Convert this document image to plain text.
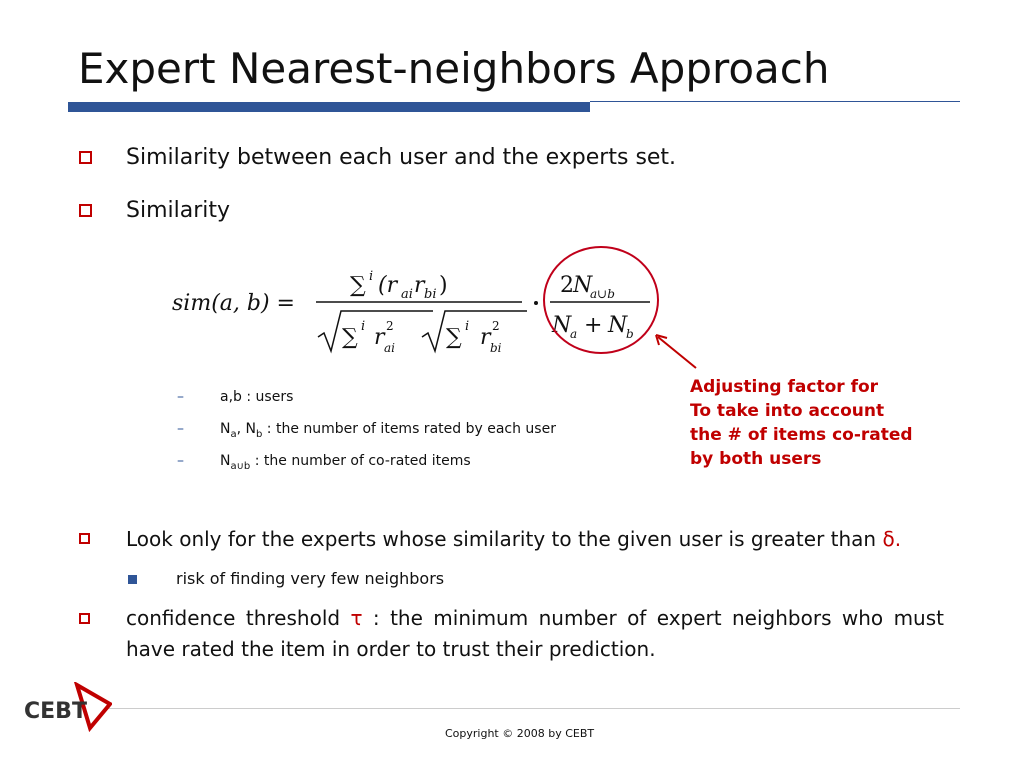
Expert Nearest-neighbors Approach
Similarity between each user and the experts set.
Similarity
sim(a, b) =
∑ i (r ai r bi )
∑ i r 2
ai ∑ i r 2
bi
2 N
a∪b
N
a + N
b
Adjusting factor for
To take into account
the # of items co-rated
by both users
–	a,b : users
–	$N_a$, $N_b$ : the number of items rated by each user
–	$N_{a\cup b}$ : the number of co-rated items
Look only for the experts whose similarity to the given user is greater than δ.
risk of finding very few neighbors
confidence threshold τ : the minimum number of expert neighbors who must
have rated the item in order to trust their prediction.
CEBT
Copyright © 2008 by CEBT
